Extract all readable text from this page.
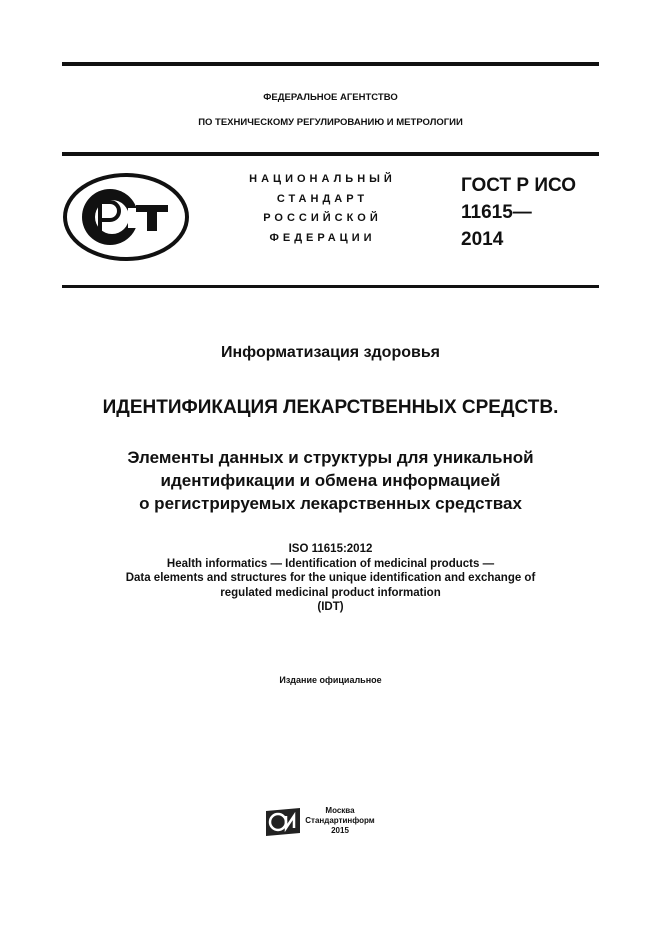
ФЕДЕРАЛЬНОЕ АГЕНТСТВО
ПО ТЕХНИЧЕСКОМУ РЕГУЛИРОВАНИЮ И МЕТРОЛОГИИ
НАЦИОНАЛЬНЫЙ
СТАНДАРТ
РОССИЙСКОЙ
ФЕДЕРАЦИИ
ГОСТ Р ИСО
11615—
2014
Информатизация здоровья
ИДЕНТИФИКАЦИЯ ЛЕКАРСТВЕННЫХ СРЕДСТВ.
Элементы данных и структуры для уникальной
идентификации и обмена информацией
о регистрируемых лекарственных средствах
ISO 11615:2012
Health informatics — Identification of medicinal products —
Data elements and structures for the unique identification and exchange of
regulated medicinal product information
(IDT)
Издание официальное
Москва
Стандартинформ
2015
